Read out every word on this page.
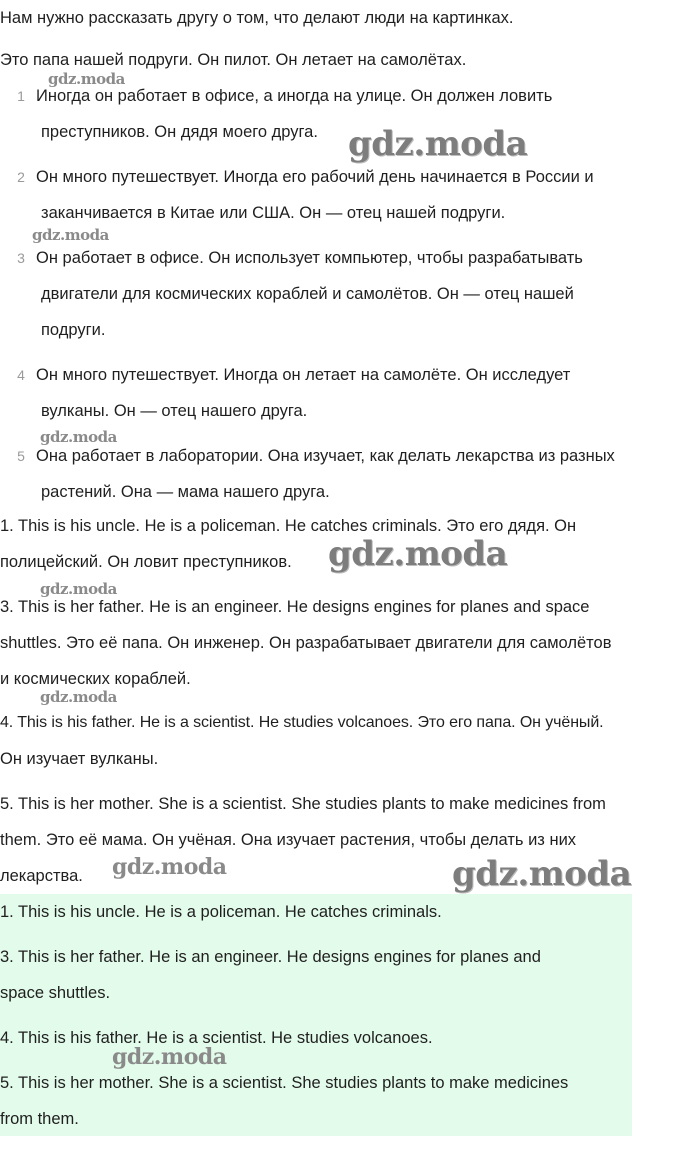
Нам нужно рассказать другу о том, что делают люди на картинках.
Это папа нашей подруги. Он пилот. Он летает на самолётах.
1 Иногда он работает в офисе, а иногда на улице. Он должен ловить
преступников. Он дядя моего друга.
2 Он много путешествует. Иногда его рабочий день начинается в России и
заканчивается в Китае или США. Он — отец нашей подруги.
3 Он работает в офисе. Он использует компьютер, чтобы разрабатывать
двигатели для космических кораблей и самолётов. Он — отец нашей
подруги.
4 Он много путешествует. Иногда он летает на самолёте. Он исследует
вулканы. Он — отец нашего друга.
5 Она работает в лаборатории. Она изучает, как делать лекарства из разных
растений. Она — мама нашего друга.
1. This is his uncle. He is a policeman. He catches criminals. Это его дядя. Он
полицейский. Он ловит преступников.
3. This is her father. He is an engineer. He designs engines for planes and space
shuttles. Это её папа. Он инженер. Он разрабатывает двигатели для самолётов
и космических кораблей.
4. This is his father. He is a scientist. He studies volcanoes. Это его папа. Он учёный.
Он изучает вулканы.
5. This is her mother. She is a scientist. She studies plants to make medicines from
them. Это её мама. Он учёная. Она изучает растения, чтобы делать из них
лекарства.
1. This is his uncle. He is a policeman. He catches criminals.
3. This is her father. He is an engineer. He designs engines for planes and
space shuttles.
4. This is his father. He is a scientist. He studies volcanoes.
5. This is her mother. She is a scientist. She studies plants to make medicines
from them.
gdz.moda
gdz.moda
gdz.moda
gdz.moda
gdz.moda
gdz.moda
gdz.moda
gdz.moda	gdz.moda
gdz.moda
